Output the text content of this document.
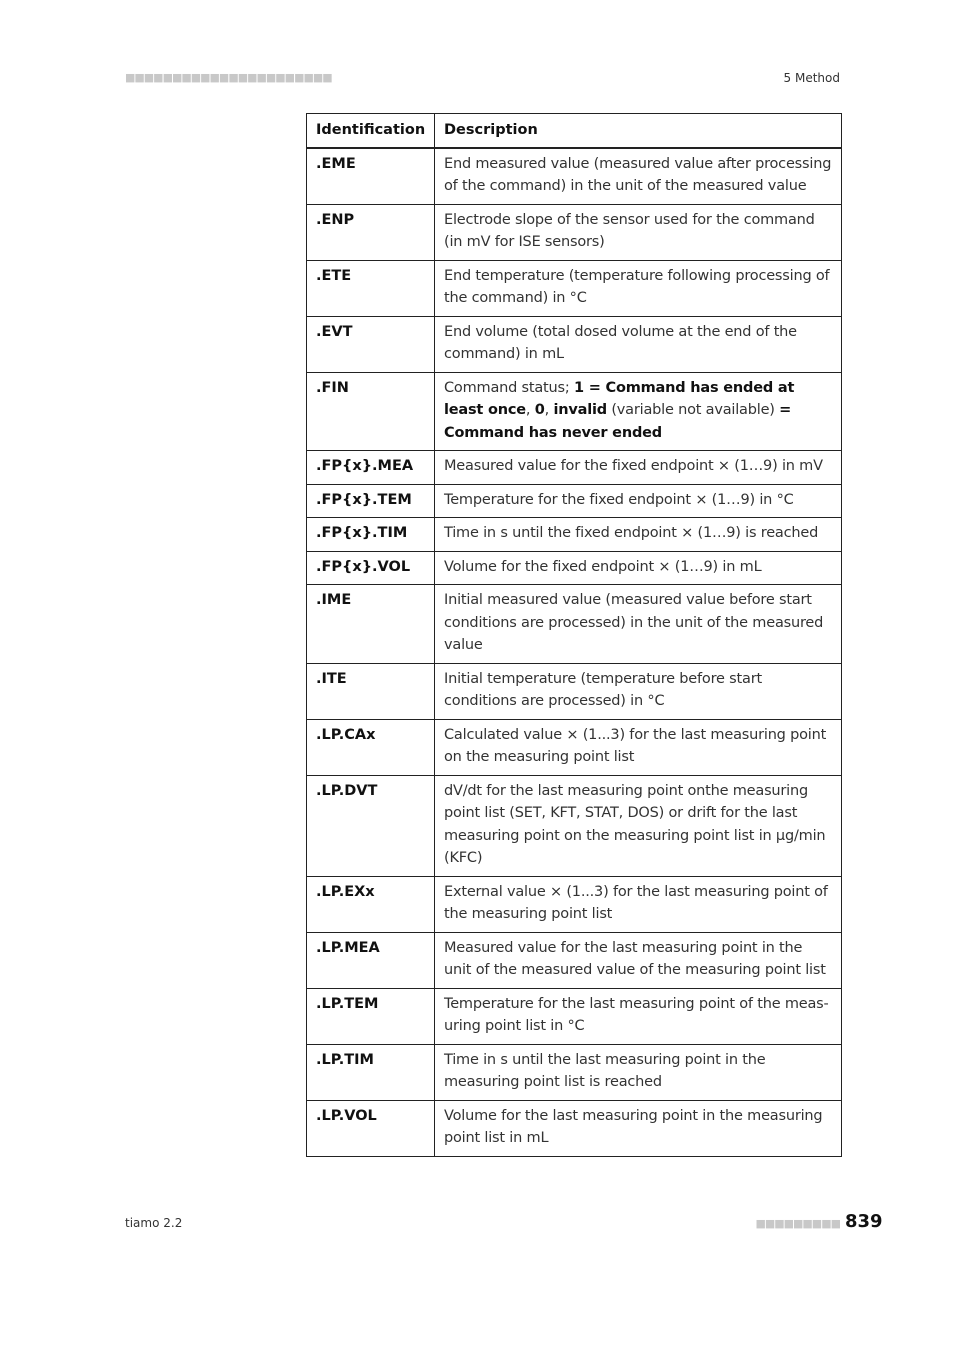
■■■■■■■■■■■■■■■■■■■■■■	5 Method
Identification	Description
.EME	End measured value (measured value after processing of the command) in the unit of the measured value
.ENP	Electrode slope of the sensor used for the command (in mV for ISE sensors)
.ETE	End temperature (temperature following processing of the command) in °C
.EVT	End volume (total dosed volume at the end of the command) in mL
.FIN	Command status; 1 = Command has ended at least once, 0, invalid (variable not available) = Command has never ended
.FP{x}.MEA	Measured value for the fixed endpoint × (1…9) in mV
.FP{x}.TEM	Temperature for the fixed endpoint × (1…9) in °C
.FP{x}.TIM	Time in s until the fixed endpoint × (1…9) is reached
.FP{x}.VOL	Volume for the fixed endpoint × (1…9) in mL
.IME	Initial measured value (measured value before start conditions are processed) in the unit of the measured value
.ITE	Initial temperature (temperature before start conditions are processed) in °C
.LP.CAx	Calculated value × (1...3) for the last measuring point on the measuring point list
.LP.DVT	dV/dt for the last measuring point onthe measuring point list (SET, KFT, STAT, DOS) or drift for the last measuring point on the measuring point list in µg/min (KFC)
.LP.EXx	External value × (1...3) for the last measuring point of the measuring point list
.LP.MEA	Measured value for the last measuring point in the unit of the measured value of the measuring point list
.LP.TEM	Temperature for the last measuring point of the measuring point list in °C
.LP.TIM	Time in s until the last measuring point in the measuring point list is reached
.LP.VOL	Volume for the last measuring point in the measuring point list in mL
tiamo 2.2	■■■■■■■■■ 839
